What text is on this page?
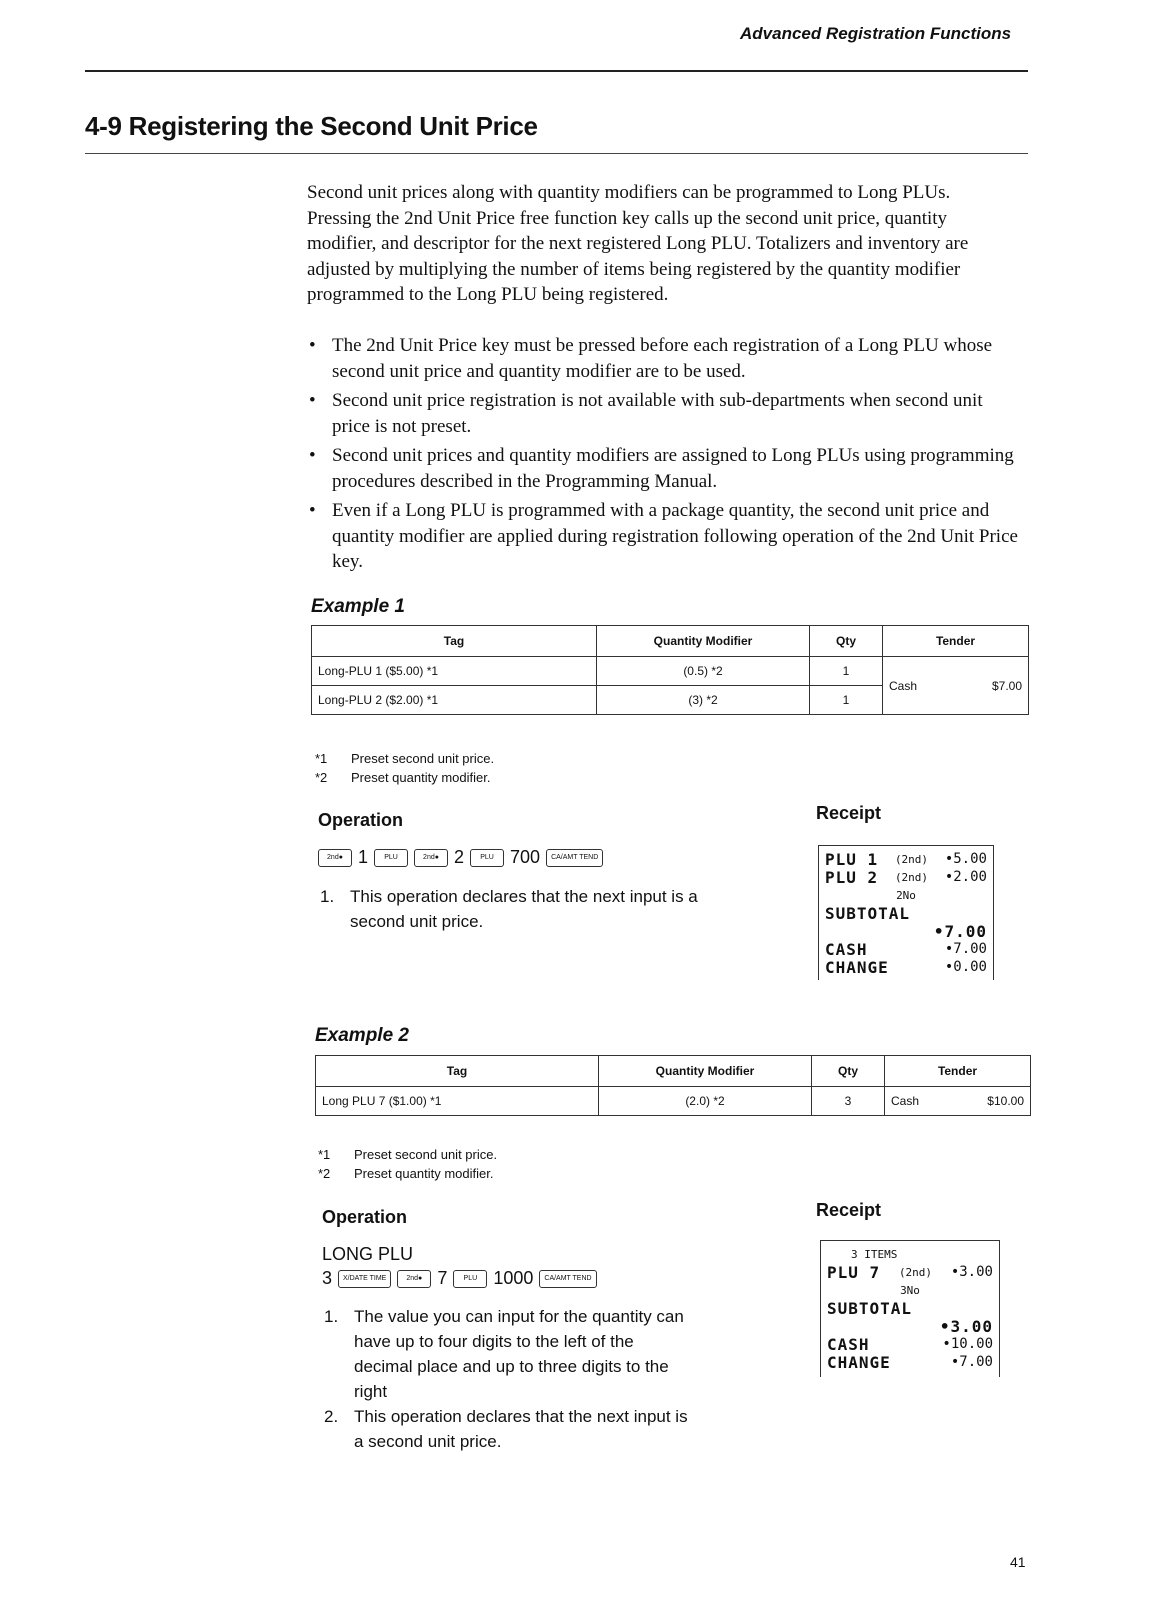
Advanced Registration Functions
4-9 Registering the Second Unit Price
Second unit prices along with quantity modifiers can be programmed to Long PLUs. Pressing the 2nd Unit Price free function key calls up the second unit price, quantity modifier, and descriptor for the next registered Long PLU. Totalizers and inventory are adjusted by multiplying the number of items being registered by the quantity modifier programmed to the Long PLU being registered.
• The 2nd Unit Price key must be pressed before each registration of a Long PLU whose second unit price and quantity modifier are to be used.
• Second unit price registration is not available with sub-departments when second unit price is not preset.
• Second unit prices and quantity modifiers are assigned to Long PLUs using programming procedures described in the Programming Manual.
• Even if a Long PLU is programmed with a package quantity, the second unit price and quantity modifier are applied during registration following operation of the 2nd Unit Price key.
Example 1
Tag	Quantity Modifier	Qty	Tender
Long-PLU 1 ($5.00) *1	(0.5) *2	1	Cash $7.00

Long-PLU 2 ($2.00) *1	(3) *2	1	
*1 Preset second unit price.
*2 Preset quantity modifier.
Operation
2nd● 1	PLU	2nd● 2	PLU 700	CA/AMT TEND
1. This operation declares that the next input is a second unit price.
Receipt
PLU 1 (2nd) •5.00
PLU 2 (2nd) •2.00
2No
SUBTOTAL
•7.00
CASH	•7.00
CHANGE	•0.00
Example 2
Tag	Quantity Modifier	Qty	Tender
Long PLU 7 ($1.00) *1	(2.0) *2	3	Cash $10.00
*1 Preset second unit price.
*2 Preset quantity modifier.
Operation
LONG PLU
3	X/DATE TIME	2nd● 7	PLU 1000	CA/AMT TEND
1. The value you can input for the quantity can have up to four digits to the left of the decimal place and up to three digits to the right
2. This operation declares that the next input is a second unit price.
Receipt
3 ITEMS
PLU 7 (2nd) •3.00
3No
SUBTOTAL
•3.00
CASH	•10.00
CHANGE	•7.00
41
